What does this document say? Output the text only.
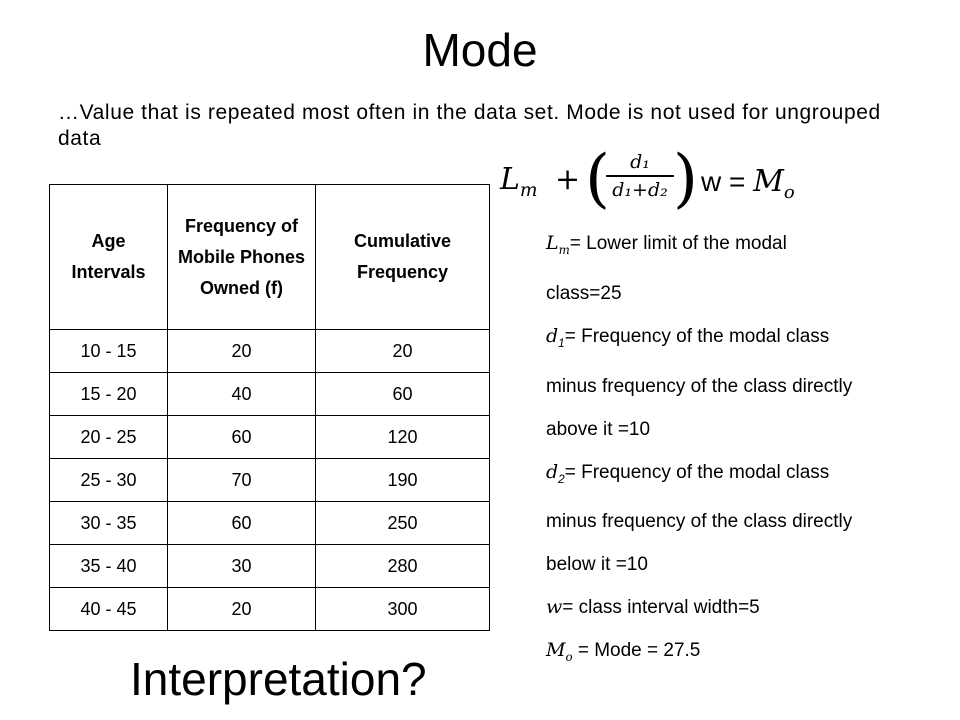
Mode
…Value that is repeated most often in the data set. Mode is not used for ungrouped data
Age Intervals	Frequency of Mobile Phones Owned (f)	Cumulative Frequency
10 - 15	20	20
15 - 20	40	60
20 - 25	60	120
25 - 30	70	190
30 - 35	60	250
35 - 40	30	280
40 - 45	20	300
$L_m$ + (	d₁
d₁+d₂ ) $w = M_o$
$L_m=$ Lower limit of the modal
class=25
$d_1=$ Frequency of the modal class
minus frequency of the class directly
above it =10
$d_2=$ Frequency of the modal class
minus frequency of the class directly
below it =10
w= class interval width=5
$M_o$ = Mode = 27.5
Interpretation?
